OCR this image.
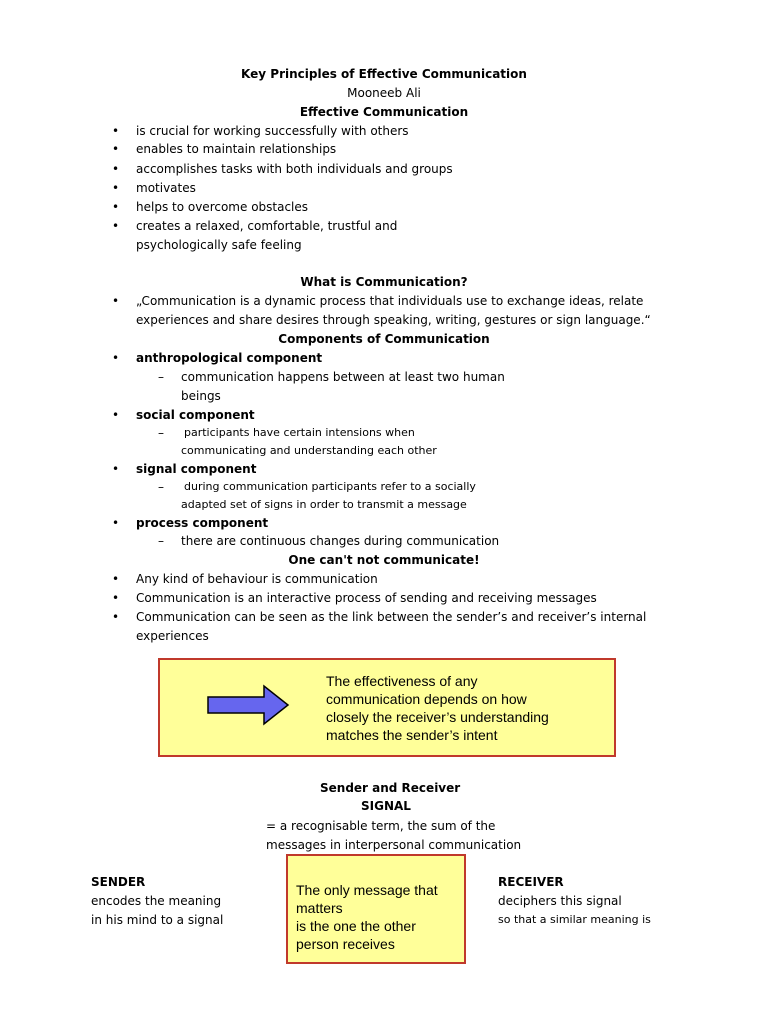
Key Principles of Effective Communication
Mooneeb Ali
Effective Communication
• is crucial for working successfully with others
• enables to maintain relationships
• accomplishes tasks with both individuals and groups
• motivates
• helps to overcome obstacles
• creates a relaxed, comfortable, trustful and
psychologically safe feeling
What is Communication?
• „Communication is a dynamic process that individuals use to exchange ideas, relate
experiences and share desires through speaking, writing, gestures or sign language.“
Components of Communication
• anthropological component
– communication happens between at least two human
beings
• social component
– participants have certain intensions when
communicating and understanding each other
• signal component
– during communication participants refer to a socially
adapted set of signs in order to transmit a message
• process component
– there are continuous changes during communication
One can't not communicate!
• Any kind of behaviour is communication
• Communication is an interactive process of sending and receiving messages
• Communication can be seen as the link between the sender’s and receiver’s internal
experiences
The effectiveness of any
communication depends on how
closely the receiver’s understanding
matches the sender’s intent
Sender and Receiver
SIGNAL
= a recognisable term, the sum of the
messages in interpersonal communication
SENDER
encodes the meaning
in his mind to a signal
RECEIVER
deciphers this signal
so that a similar meaning is
The only message that
matters
is the one the other
person receives
